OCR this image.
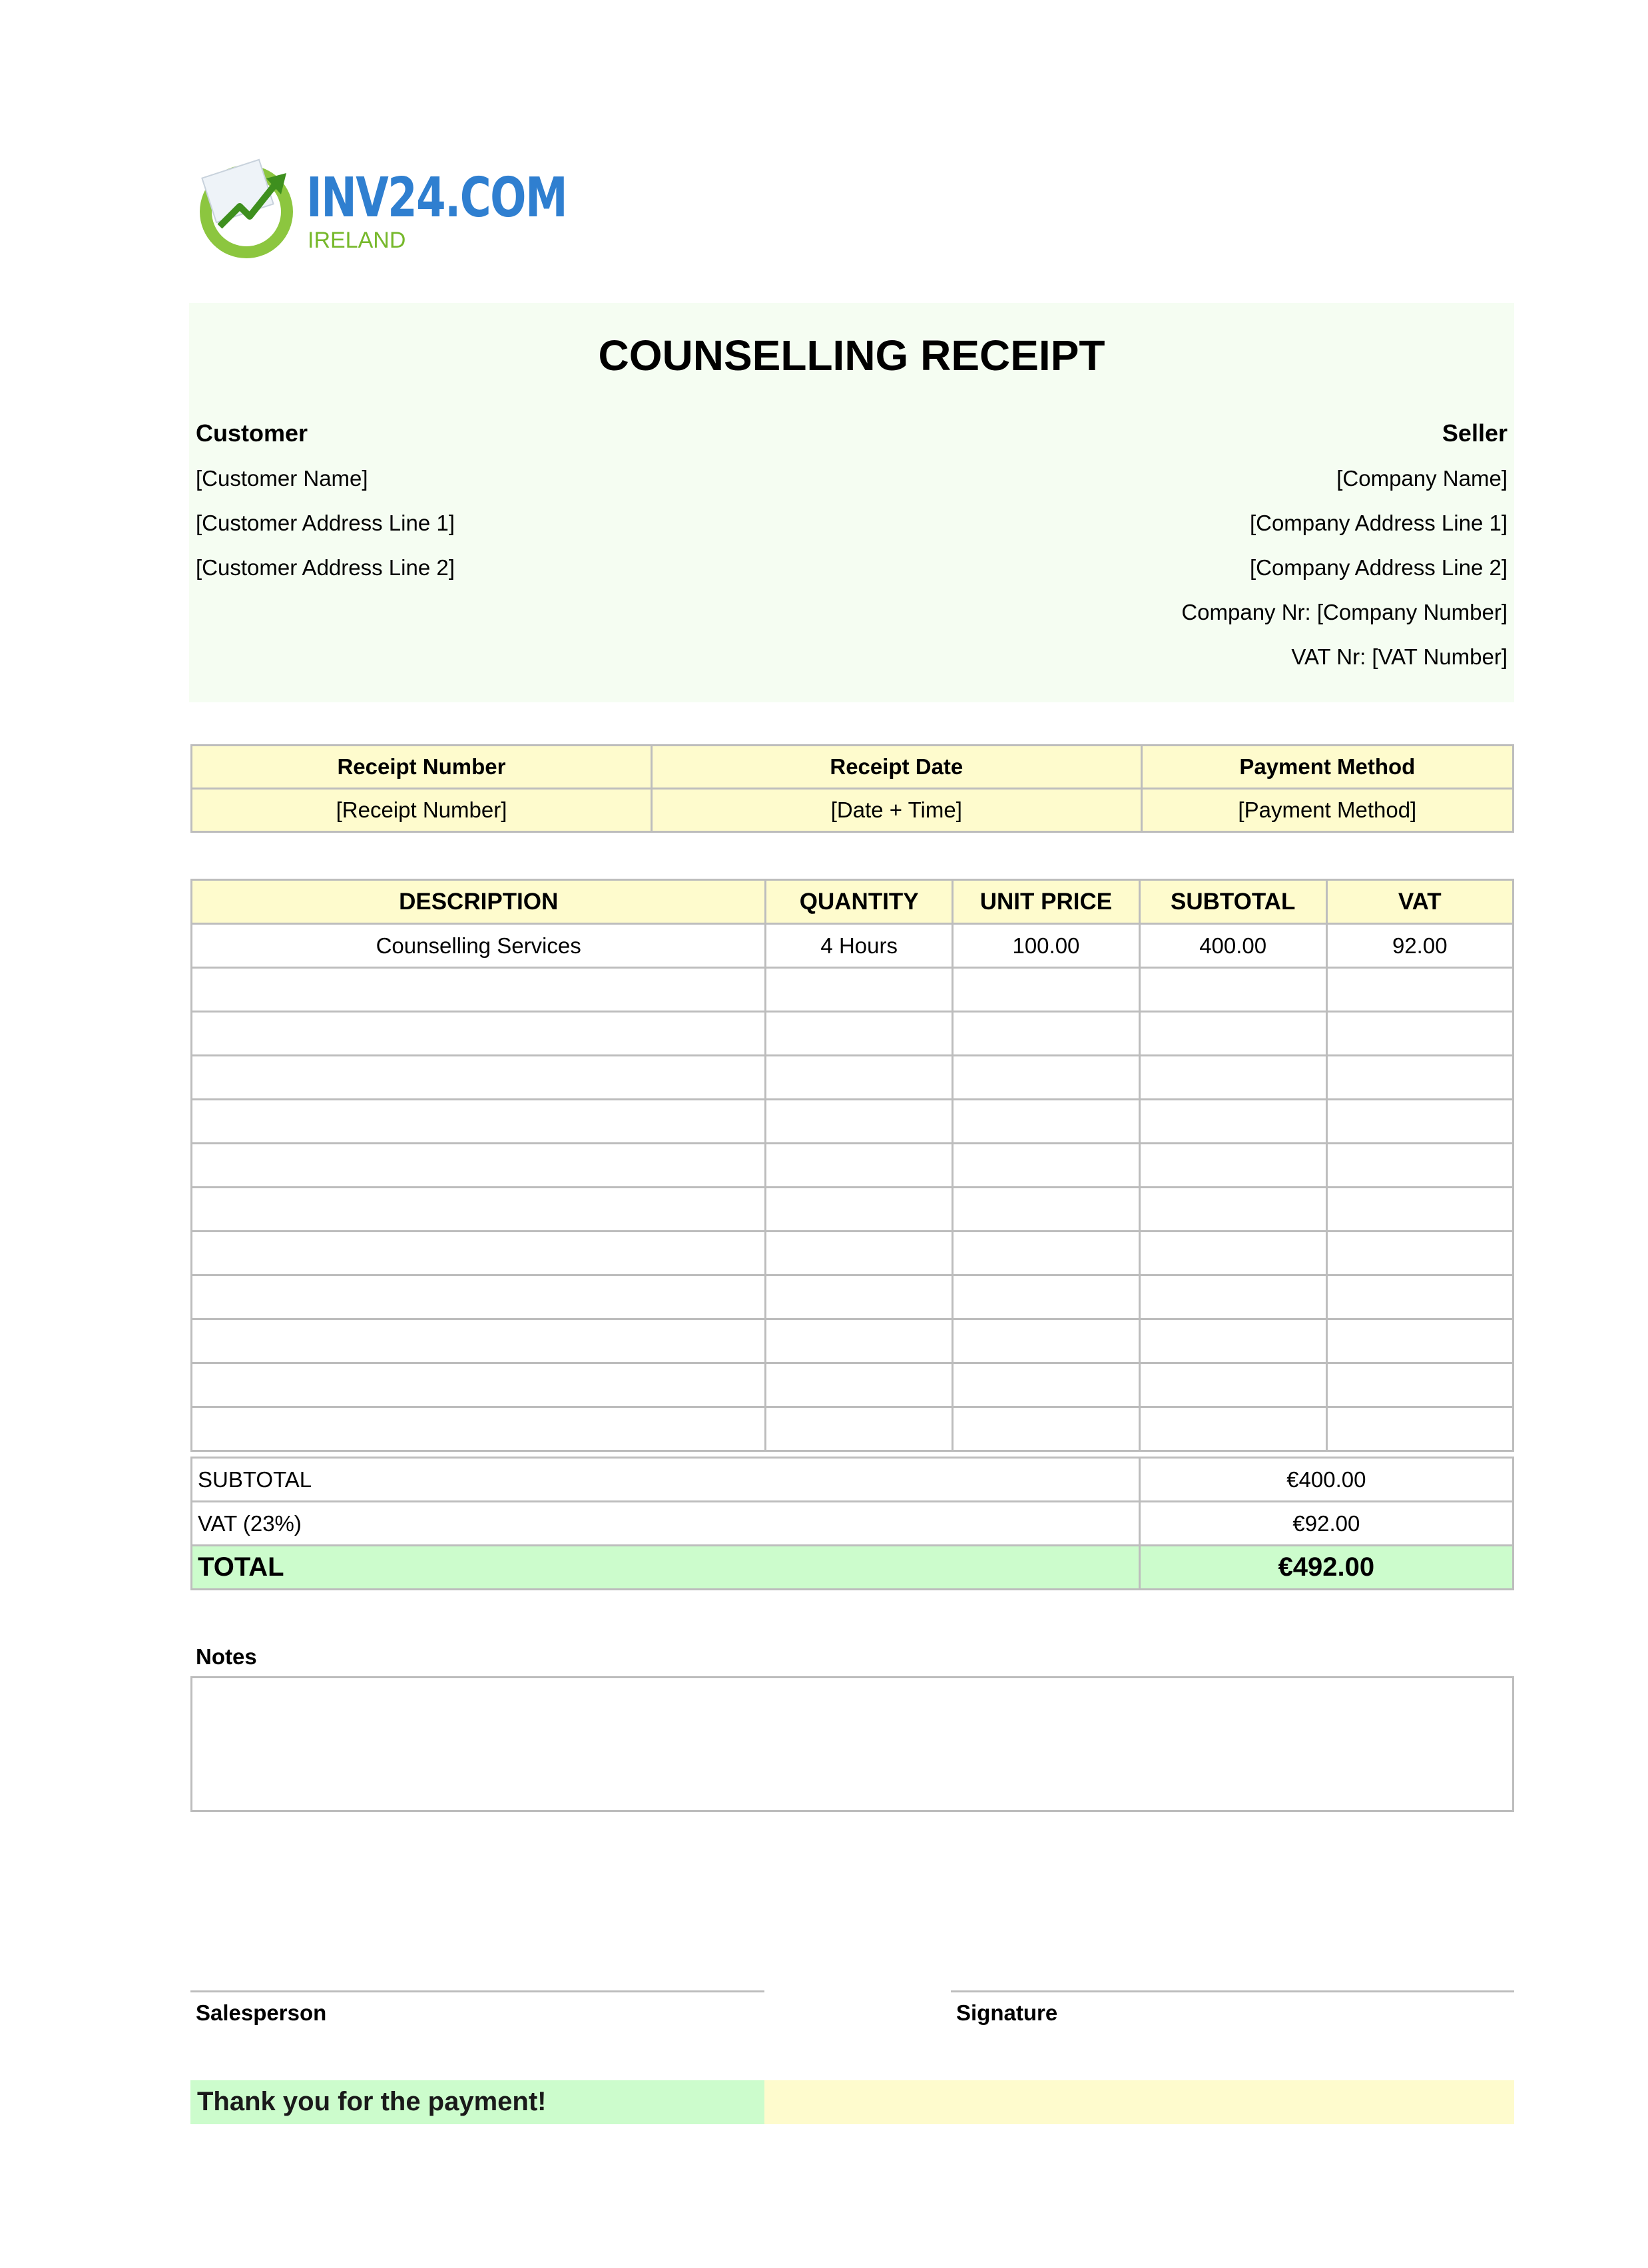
INV24.COM
IRELAND
COUNSELLING RECEIPT
Customer
[Customer Name]
[Customer Address Line 1]
[Customer Address Line 2]
Seller
[Company Name]
[Company Address Line 1]
[Company Address Line 2]
Company Nr: [Company Number]
VAT Nr: [VAT Number]
Receipt Number	Receipt Date	Payment Method
[Receipt Number]	[Date + Time]	[Payment Method]
DESCRIPTION	QUANTITY	UNIT PRICE	SUBTOTAL	VAT
Counselling Services	4 Hours	100.00	400.00	92.00

SUBTOTAL	€400.00
VAT (23%)	€92.00
TOTAL	€492.00
Notes
Salesperson	Signature
Thank you for the payment!
